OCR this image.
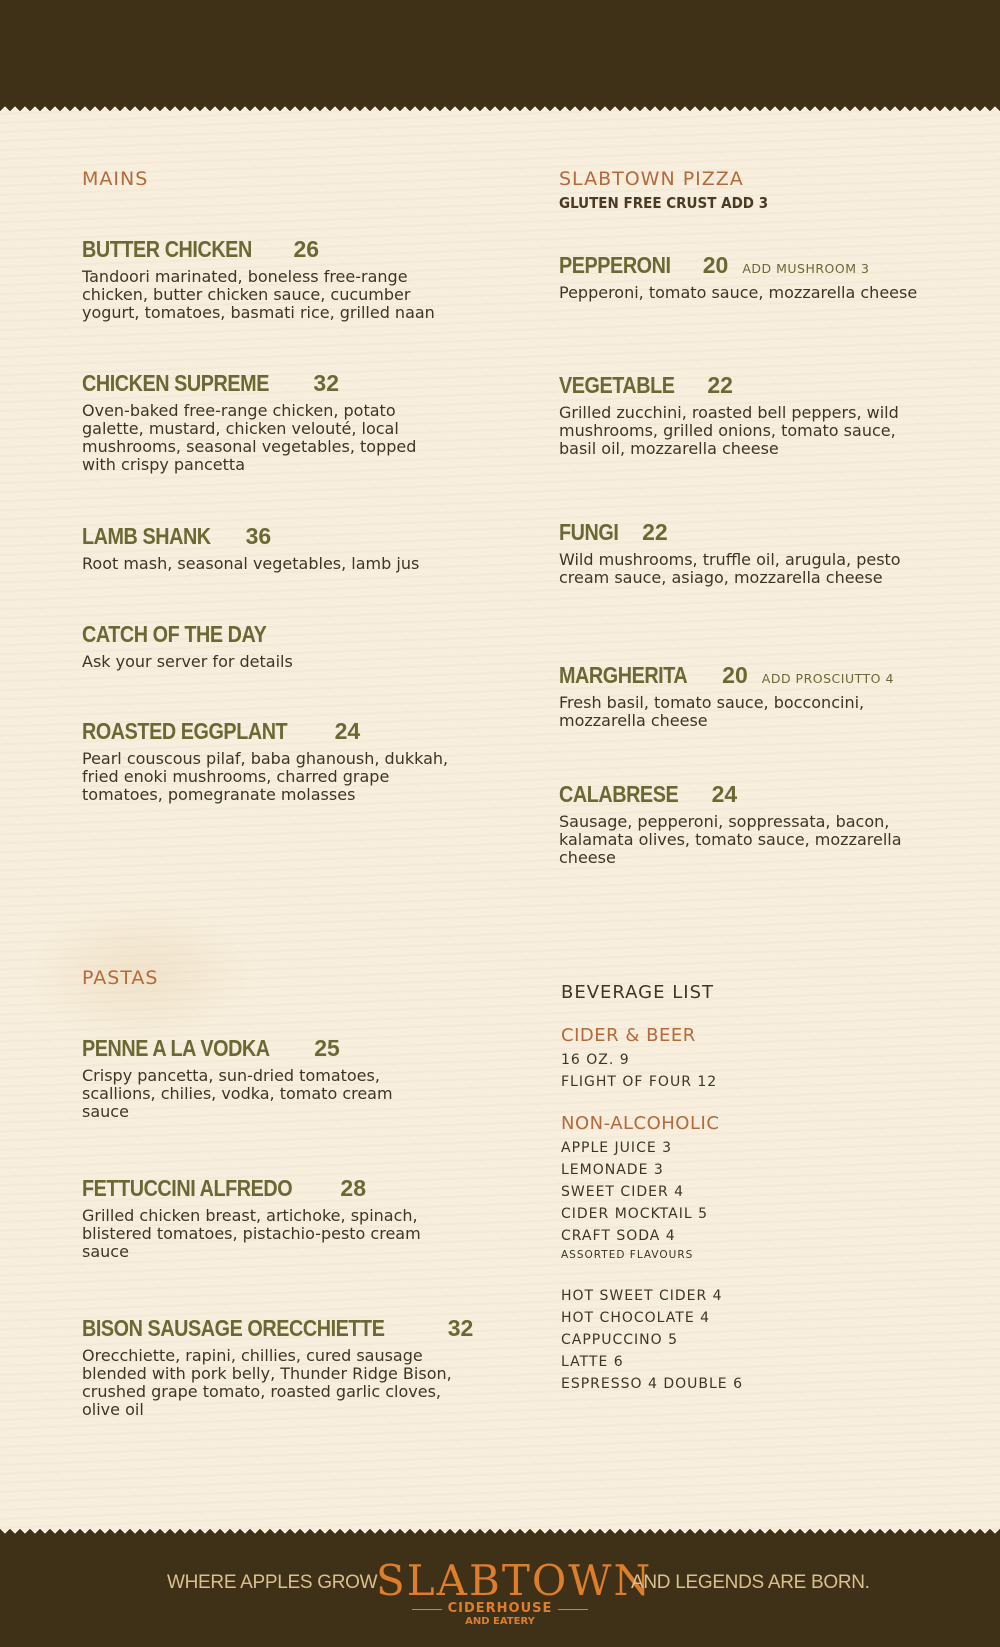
MAINS
BUTTER CHICKEN 26
Tandoori marinated, boneless free-range chicken, butter chicken sauce, cucumber yogurt, tomatoes, basmati rice, grilled naan
CHICKEN SUPREME 32
Oven-baked free-range chicken, potato galette, mustard, chicken velouté, local mushrooms, seasonal vegetables, topped with crispy pancetta
LAMB SHANK 36
Root mash, seasonal vegetables, lamb jus
CATCH OF THE DAY
Ask your server for details
ROASTED EGGPLANT 24
Pearl couscous pilaf, baba ghanoush, dukkah, fried enoki mushrooms, charred grape tomatoes, pomegranate molasses
SLABTOWN PIZZA
GLUTEN FREE CRUST ADD 3
PEPPERONI 20 ADD MUSHROOM 3
Pepperoni, tomato sauce, mozzarella cheese
VEGETABLE 22
Grilled zucchini, roasted bell peppers, wild mushrooms, grilled onions, tomato sauce, basil oil, mozzarella cheese
FUNGI 22
Wild mushrooms, truffle oil, arugula, pesto cream sauce, asiago, mozzarella cheese
MARGHERITA 20 ADD PROSCIUTTO 4
Fresh basil, tomato sauce, bocconcini, mozzarella cheese
CALABRESE 24
Sausage, pepperoni, soppressata, bacon, kalamata olives, tomato sauce, mozzarella cheese
PASTAS
PENNE A LA VODKA 25
Crispy pancetta, sun-dried tomatoes, scallions, chilies, vodka, tomato cream sauce
FETTUCCINI ALFREDO 28
Grilled chicken breast, artichoke, spinach, blistered tomatoes, pistachio-pesto cream sauce
BISON SAUSAGE ORECCHIETTE	32
Orecchiette, rapini, chillies, cured sausage blended with pork belly, Thunder Ridge Bison, crushed grape tomato, roasted garlic cloves, olive oil
BEVERAGE LIST
CIDER & BEER
16 OZ. 9
FLIGHT OF FOUR 12
NON-ALCOHOLIC
APPLE JUICE 3
LEMONADE 3
SWEET CIDER 4
CIDER MOCKTAIL 5
CRAFT SODA 4
ASSORTED FLAVOURS
HOT SWEET CIDER 4
HOT CHOCOLATE 4
CAPPUCCINO 5
LATTE 6
ESPRESSO 4 DOUBLE 6
WHERE APPLES GROW
SLABTOWN
CIDERHOUSE
AND EATERY
AND LEGENDS ARE BORN.
